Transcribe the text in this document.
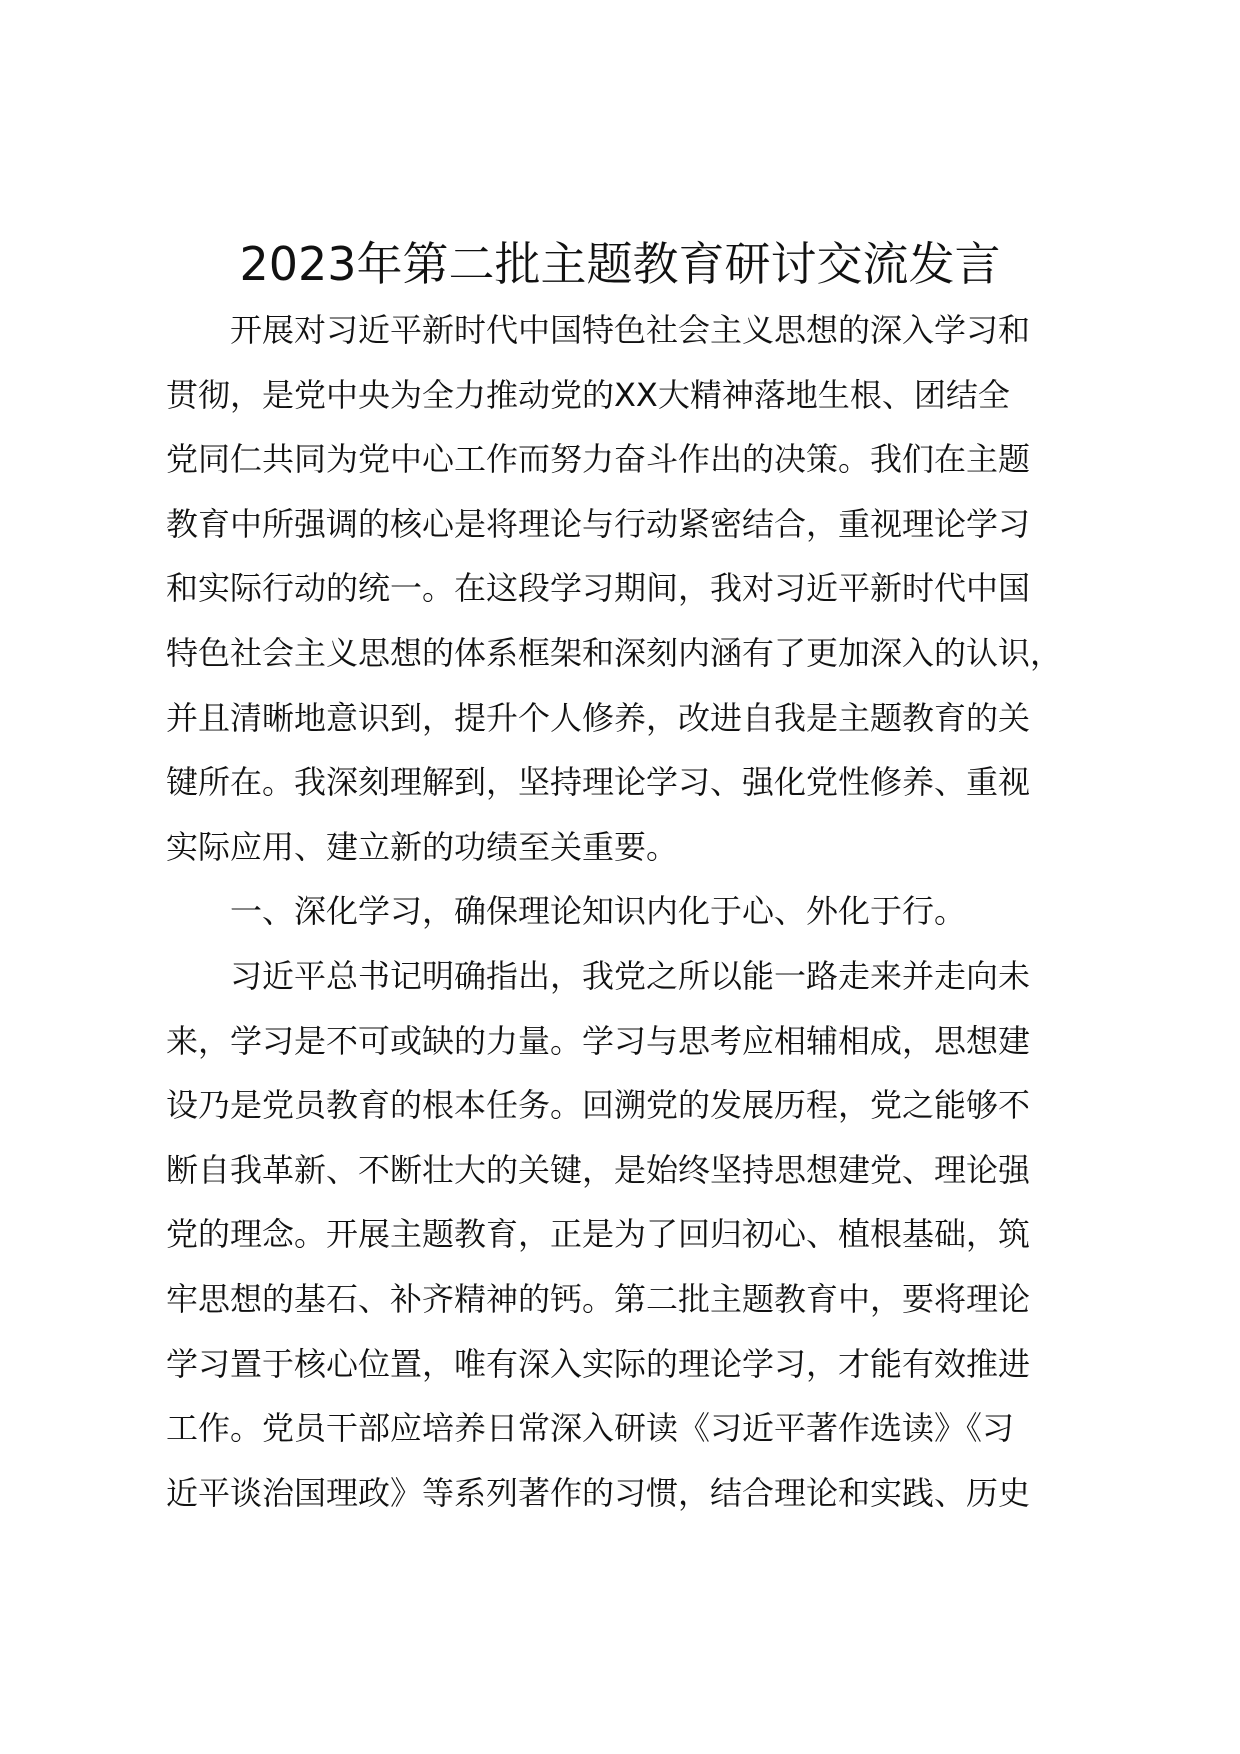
2023年第二批主题教育研讨交流发言

开展对习近平新时代中国特色社会主义思想的深入学习和

贯彻，是党中央为全力推动党的XX大精神落地生根、团结全

党同仁共同为党中心工作而努力奋斗作出的决策。我们在主题

教育中所强调的核心是将理论与行动紧密结合，重视理论学习

和实际行动的统一。在这段学习期间，我对习近平新时代中国

特色社会主义思想的体系框架和深刻内涵有了更加深入的认识，

并且清晰地意识到，提升个人修养，改进自我是主题教育的关

键所在。我深刻理解到，坚持理论学习、强化党性修养、重视

实际应用、建立新的功绩至关重要。

一、深化学习，确保理论知识内化于心、外化于行。

习近平总书记明确指出，我党之所以能一路走来并走向未

来，学习是不可或缺的力量。学习与思考应相辅相成，思想建

设乃是党员教育的根本任务。回溯党的发展历程，党之能够不

断自我革新、不断壮大的关键，是始终坚持思想建党、理论强

党的理念。开展主题教育，正是为了回归初心、植根基础，筑

牢思想的基石、补齐精神的钙。第二批主题教育中，要将理论

学习置于核心位置，唯有深入实际的理论学习，才能有效推进

工作。党员干部应培养日常深入研读《习近平著作选读》《习

近平谈治国理政》等系列著作的习惯，结合理论和实践、历史
